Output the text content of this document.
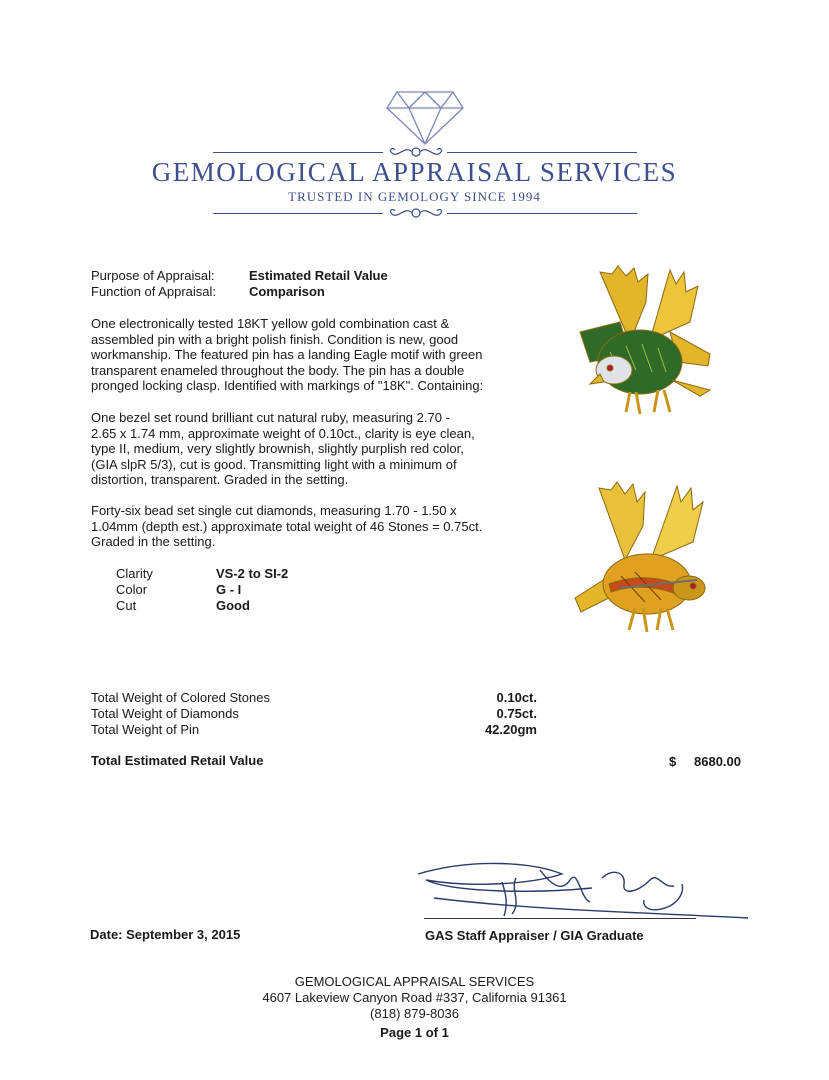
GEMOLOGICAL APPRAISAL SERVICES
TRUSTED IN GEMOLOGY SINCE 1994
Purpose of Appraisal:	Estimated Retail Value
Function of Appraisal:	Comparison
One electronically tested 18KT yellow gold combination cast &
assembled pin with a bright polish finish. Condition is new, good
workmanship. The featured pin has a landing Eagle motif with green
transparent enameled throughout the body. The pin has a double
pronged locking clasp. Identified with markings of "18K". Containing:
One bezel set round brilliant cut natural ruby, measuring 2.70 -
2.65 x 1.74 mm, approximate weight of 0.10ct., clarity is eye clean,
type II, medium, very slightly brownish, slightly purplish red color,
(GIA slpR 5/3), cut is good. Transmitting light with a minimum of
distortion, transparent. Graded in the setting.
Forty-six bead set single cut diamonds, measuring 1.70 - 1.50 x
1.04mm (depth est.) approximate total weight of 46 Stones = 0.75ct.
Graded in the setting.
Clarity	VS-2 to SI-2
Color	G - I
Cut	Good
Total Weight of Colored Stones	0.10ct.
Total Weight of Diamonds	0.75ct.
Total Weight of Pin	42.20gm
Total Estimated Retail Value	$	8680.00
Date: September 3, 2015	GAS Staff Appraiser / GIA Graduate
GEMOLOGICAL APPRAISAL SERVICES
4607 Lakeview Canyon Road #337, California 91361
(818) 879-8036
Page 1 of 1
